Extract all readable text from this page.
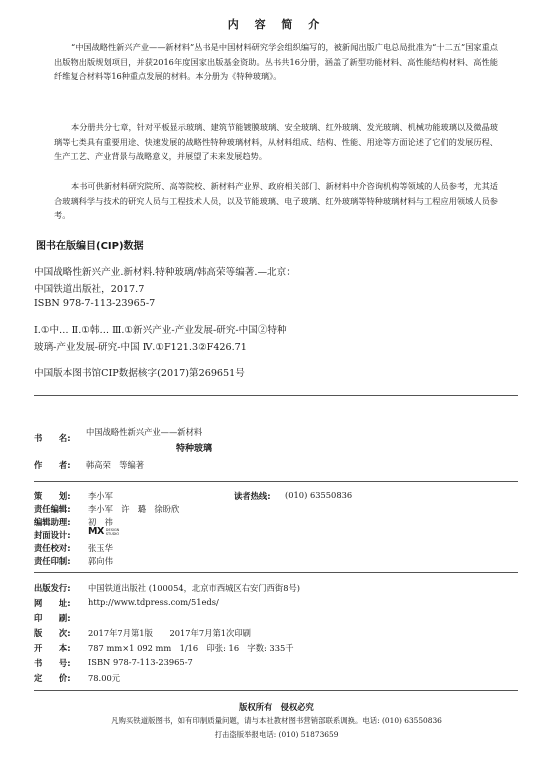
内 容 简 介

“中国战略性新兴产业——新材料”丛书是中国材料研究学会组织编写的，被新闻出版广电总局批准为“十二五”国家重点出版物出版规划项目，并获2016年度国家出版基金资助。丛书共16分册，涵盖了新型功能材料、高性能结构材料、高性能纤维复合材料等16种重点发展的材料。本分册为《特种玻璃》。

本分册共分七章，针对平板显示玻璃、建筑节能镀膜玻璃、安全玻璃、红外玻璃、发光玻璃、机械功能玻璃以及微晶玻璃等七类具有重要用途、快速发展的战略性特种玻璃材料，从材料组成、结构、性能、用途等方面论述了它们的发展历程、生产工艺、产业背景与战略意义，并展望了未来发展趋势。

本书可供新材料研究院所、高等院校、新材料产业界、政府相关部门、新材料中介咨询机构等领域的人员参考，尤其适合玻璃科学与技术的研究人员与工程技术人员，以及节能玻璃、电子玻璃、红外玻璃等特种玻璃材料与工程应用领域人员参考。

图书在版编目(CIP)数据
中国战略性新兴产业.新材料.特种玻璃/韩高荣等编著.—北京：
中国铁道出版社，2017.7
ISBN 978-7-113-23965-7
Ⅰ.①中… Ⅱ.①韩… Ⅲ.①新兴产业-产业发展-研究-中国②特种
玻璃-产业发展-研究-中国 Ⅳ.①F121.3②F426.71
中国版本图书馆CIP数据核字(2017)第269651号
书　　名:
中国战略性新兴产业——新材料
特种玻璃
作　　者: 韩高荣　等编著
策　　划: 李小军	读者热线: (010) 63550836
责任编辑: 李小军　许　璐　徐盼欣
编辑助理: 初　祎
封面设计: MX DESIGN
STUDIO
责任校对: 张玉华
责任印制: 郭向伟
出版发行: 中国铁道出版社 (100054，北京市西城区右安门西街8号)
网　　址: http://www.tdpress.com/51eds/
印　　刷:
版　　次: 2017年7月第1版　　2017年7月第1次印刷
开　　本: 787 mm×1 092 mm　1/16　印张: 16　字数: 335千
书　　号: ISBN 978-7-113-23965-7
定　　价: 78.00元
版权所有　侵权必究
凡购买铁道版图书，如有印制质量问题，请与本社教材图书营销部联系调换。电话: (010) 63550836
打击盗版举报电话: (010) 51873659
